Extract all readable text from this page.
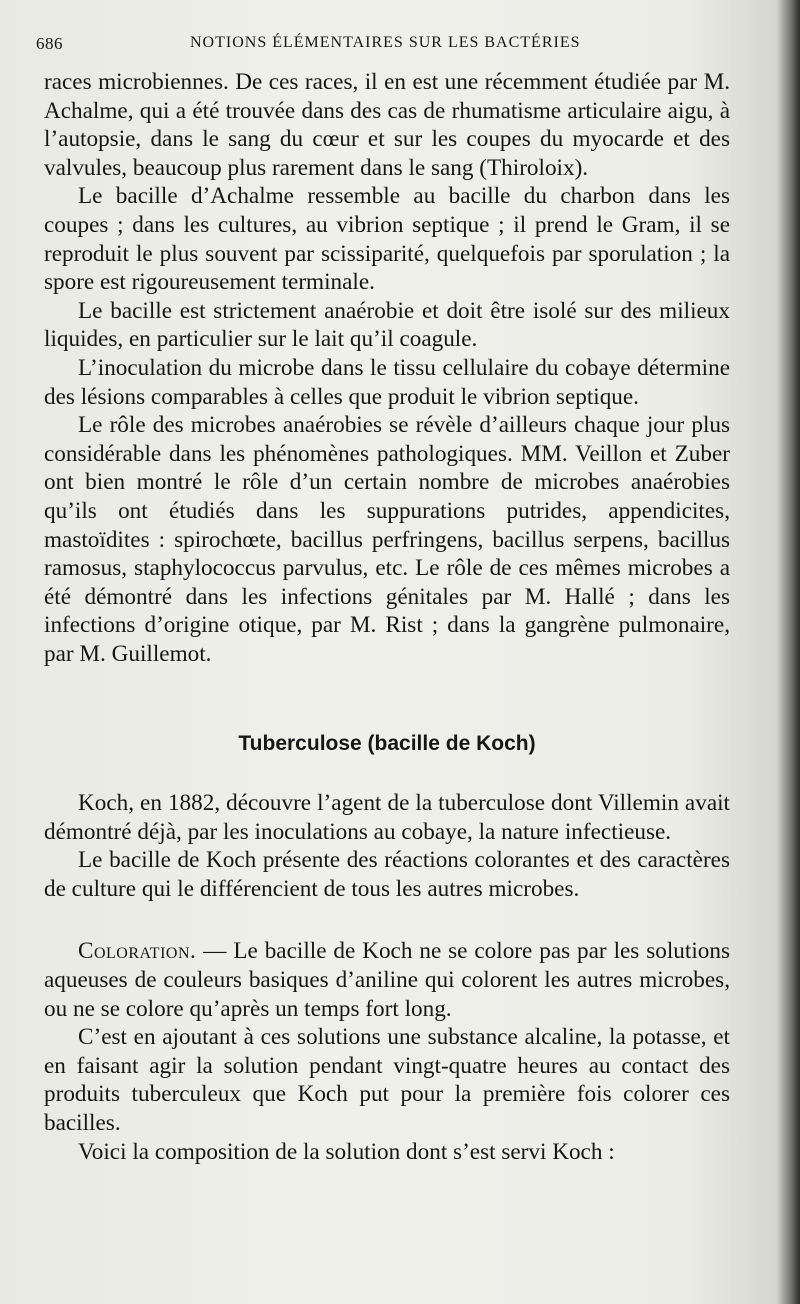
686	NOTIONS ÉLÉMENTAIRES SUR LES BACTÉRIES

races microbiennes. De ces races, il en est une récemment étudiée par M. Achalme, qui a été trouvée dans des cas de rhumatisme articulaire aigu, à l’autopsie, dans le sang du cœur et sur les coupes du myocarde et des valvules, beaucoup plus rarement dans le sang (Thiroloix).

Le bacille d’Achalme ressemble au bacille du charbon dans les coupes ; dans les cultures, au vibrion septique ; il prend le Gram, il se reproduit le plus souvent par scissiparité, quelquefois par sporulation ; la spore est rigoureusement terminale.

Le bacille est strictement anaérobie et doit être isolé sur des milieux liquides, en particulier sur le lait qu’il coagule.

L’inoculation du microbe dans le tissu cellulaire du cobaye détermine des lésions comparables à celles que produit le vibrion septique.

Le rôle des microbes anaérobies se révèle d’ailleurs chaque jour plus considérable dans les phénomènes pathologiques. MM. Veillon et Zuber ont bien montré le rôle d’un certain nombre de microbes anaérobies qu’ils ont étudiés dans les suppurations putrides, appendicites, mastoïdites : spirochœte, bacillus perfringens, bacillus serpens, bacillus ramosus, staphylococcus parvulus, etc. Le rôle de ces mêmes microbes a été démontré dans les infections génitales par M. Hallé ; dans les infections d’origine otique, par M. Rist ; dans la gangrène pulmonaire, par M. Guillemot.

Tuberculose (bacille de Koch)

Koch, en 1882, découvre l’agent de la tuberculose dont Villemin avait démontré déjà, par les inoculations au cobaye, la nature infectieuse.

Le bacille de Koch présente des réactions colorantes et des caractères de culture qui le différencient de tous les autres microbes.

Coloration. — Le bacille de Koch ne se colore pas par les solutions aqueuses de couleurs basiques d’aniline qui colorent les autres microbes, ou ne se colore qu’après un temps fort long.

C’est en ajoutant à ces solutions une substance alcaline, la potasse, et en faisant agir la solution pendant vingt-quatre heures au contact des produits tuberculeux que Koch put pour la première fois colorer ces bacilles.

Voici la composition de la solution dont s’est servi Koch :
